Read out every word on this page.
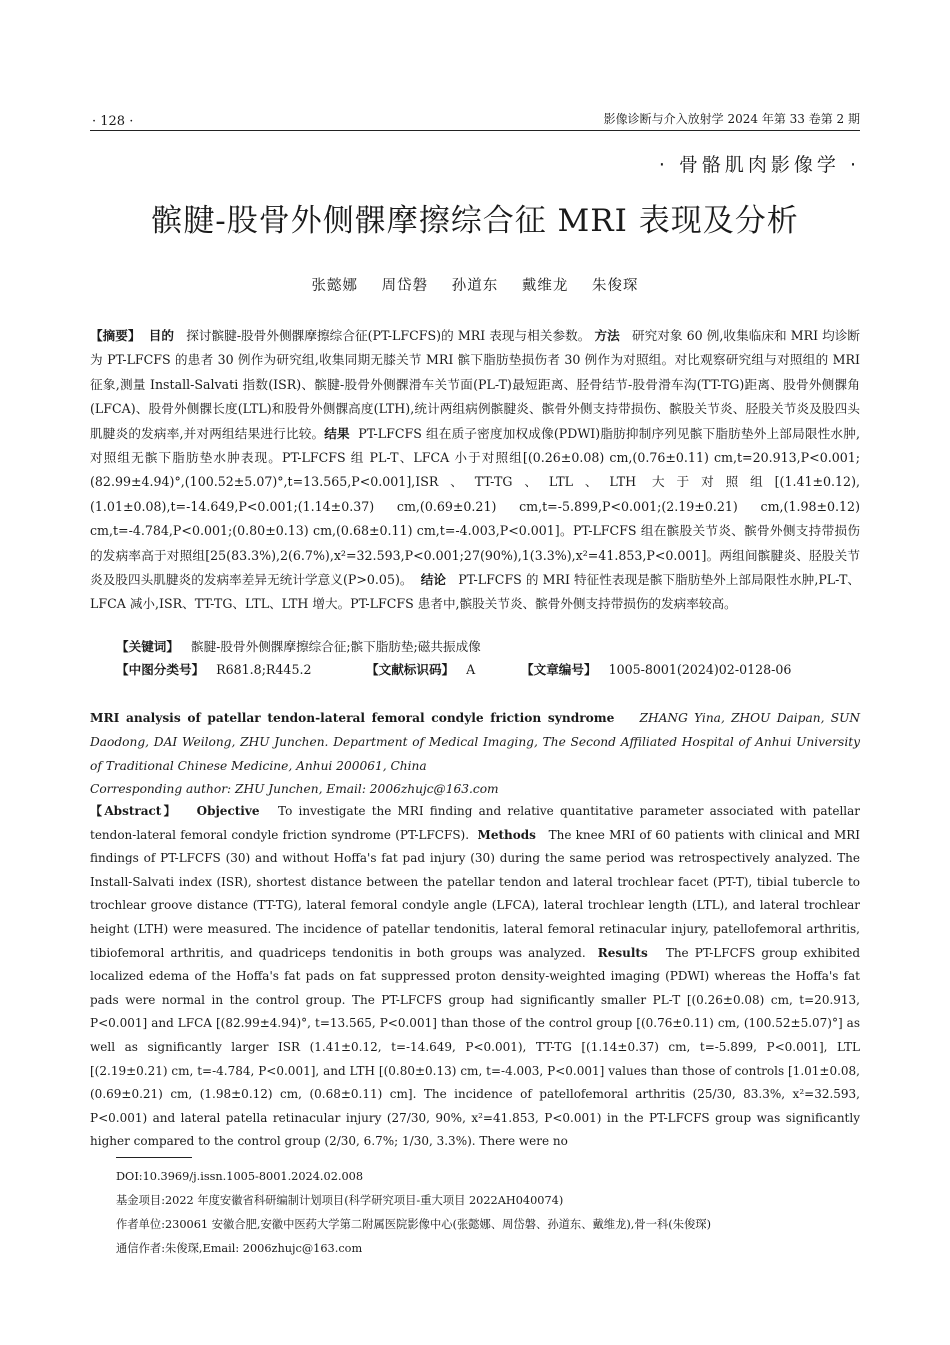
· 128 ·	影像诊断与介入放射学 2024 年第 33 卷第 2 期
· 骨骼肌肉影像学 ·
髌腱-股骨外侧髁摩擦综合征 MRI 表现及分析
张懿娜 周岱磐 孙道东 戴维龙 朱俊琛

【摘要】 目的 探讨髌腱-股骨外侧髁摩擦综合征(PT-LFCFS)的 MRI 表现与相关参数。 方法 研究对象 60 例,收集临床和 MRI 均诊断为 PT-LFCFS 的患者 30 例作为研究组,收集同期无膝关节 MRI 髌下脂肪垫损伤者 30 例作为对照组。对比观察研究组与对照组的 MRI 征象,测量 Install-Salvati 指数(ISR)、髌腱-股骨外侧髁滑车关节面(PL-T)最短距离、胫骨结节-股骨滑车沟(TT-TG)距离、股骨外侧髁角(LFCA)、股骨外侧髁长度(LTL)和股骨外侧髁高度(LTH),统计两组病例髌腱炎、髌骨外侧支持带损伤、髌股关节炎、胫股关节炎及股四头肌腱炎的发病率,并对两组结果进行比较。结果 PT-LFCFS 组在质子密度加权成像(PDWI)脂肪抑制序列见髌下脂肪垫外上部局限性水肿,对照组无髌下脂肪垫水肿表现。PT-LFCFS 组 PL-T、LFCA 小于对照组[(0.26±0.08) cm,(0.76±0.11) cm,t=20.913,P<0.001;(82.99±4.94)°,(100.52±5.07)°,t=13.565,P<0.001],ISR、TT-TG、LTL、LTH 大于对照组[(1.41±0.12),(1.01±0.08),t=-14.649,P<0.001;(1.14±0.37) cm,(0.69±0.21) cm,t=-5.899,P<0.001;(2.19±0.21) cm,(1.98±0.12) cm,t=-4.784,P<0.001;(0.80±0.13) cm,(0.68±0.11) cm,t=-4.003,P<0.001]。PT-LFCFS 组在髌股关节炎、髌骨外侧支持带损伤的发病率高于对照组[25(83.3%),2(6.7%),x²=32.593,P<0.001;27(90%),1(3.3%),x²=41.853,P<0.001]。两组间髌腱炎、胫股关节炎及股四头肌腱炎的发病率差异无统计学意义(P>0.05)。 结论 PT-LFCFS 的 MRI 特征性表现是髌下脂肪垫外上部局限性水肿,PL-T、LFCA 减小,ISR、TT-TG、LTL、LTH 增大。PT-LFCFS 患者中,髌股关节炎、髌骨外侧支持带损伤的发病率较高。

【关键词】 髌腱-股骨外侧髁摩擦综合征;髌下脂肪垫;磁共振成像
【中图分类号】 R681.8;R445.2	【文献标识码】 A	【文章编号】 1005-8001(2024)02-0128-06

MRI analysis of patellar tendon-lateral femoral condyle friction syndrome ZHANG Yina, ZHOU Daipan, SUN Daodong, DAI Weilong, ZHU Junchen. Department of Medical Imaging, The Second Affiliated Hospital of Anhui University of Traditional Chinese Medicine, Anhui 200061, China

Corresponding author: ZHU Junchen, Email: 2006zhujc@163.com

【Abstract】 Objective To investigate the MRI finding and relative quantitative parameter associated with patellar tendon-lateral femoral condyle friction syndrome (PT-LFCFS). Methods The knee MRI of 60 patients with clinical and MRI findings of PT-LFCFS (30) and without Hoffa's fat pad injury (30) during the same period was retrospectively analyzed. The Install-Salvati index (ISR), shortest distance between the patellar tendon and lateral trochlear facet (PT-T), tibial tubercle to trochlear groove distance (TT-TG), lateral femoral condyle angle (LFCA), lateral trochlear length (LTL), and lateral trochlear height (LTH) were measured. The incidence of patellar tendonitis, lateral femoral retinacular injury, patellofemoral arthritis, tibiofemoral arthritis, and quadriceps tendonitis in both groups was analyzed. Results The PT-LFCFS group exhibited localized edema of the Hoffa's fat pads on fat suppressed proton density-weighted imaging (PDWI) whereas the Hoffa's fat pads were normal in the control group. The PT-LFCFS group had significantly smaller PL-T [(0.26±0.08) cm, t=20.913, P<0.001] and LFCA [(82.99±4.94)°, t=13.565, P<0.001] than those of the control group [(0.76±0.11) cm, (100.52±5.07)°] as well as significantly larger ISR (1.41±0.12, t=-14.649, P<0.001), TT-TG [(1.14±0.37) cm, t=-5.899, P<0.001], LTL [(2.19±0.21) cm, t=-4.784, P<0.001], and LTH [(0.80±0.13) cm, t=-4.003, P<0.001] values than those of controls [1.01±0.08, (0.69±0.21) cm, (1.98±0.12) cm, (0.68±0.11) cm]. The incidence of patellofemoral arthritis (25/30, 83.3%, x²=32.593, P<0.001) and lateral patella retinacular injury (27/30, 90%, x²=41.853, P<0.001) in the PT-LFCFS group was significantly higher compared to the control group (2/30, 6.7%; 1/30, 3.3%). There were no

DOI:10.3969/j.issn.1005-8001.2024.02.008
基金项目:2022 年度安徽省科研编制计划项目(科学研究项目-重大项目 2022AH040074)
作者单位:230061 安徽合肥,安徽中医药大学第二附属医院影像中心(张懿娜、周岱磐、孙道东、戴维龙),骨一科(朱俊琛)
通信作者:朱俊琛,Email: 2006zhujc@163.com
